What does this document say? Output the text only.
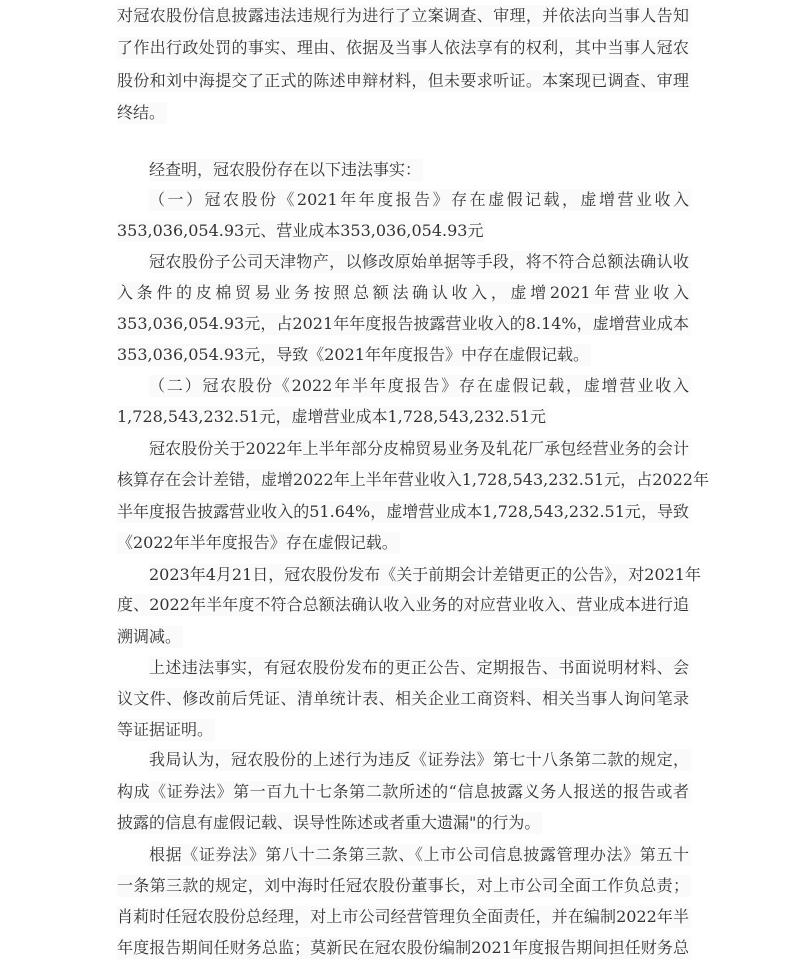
对冠农股份信息披露违法违规行为进行了立案调查、审理，并依法向当事人告知
了作出行政处罚的事实、理由、依据及当事人依法享有的权利，其中当事人冠农
股份和刘中海提交了正式的陈述申辩材料，但未要求听证。本案现已调查、审理
终结。
经查明，冠农股份存在以下违法事实：
（一）冠农股份《2021年年度报告》存在虚假记载，虚增营业收入
353,036,054.93元、营业成本353,036,054.93元
冠农股份子公司天津物产，以修改原始单据等手段，将不符合总额法确认收
入条件的皮棉贸易业务按照总额法确认收入，虚增2021年营业收入
353,036,054.93元，占2021年年度报告披露营业收入的8.14%，虚增营业成本
353,036,054.93元，导致《2021年年度报告》中存在虚假记载。
（二）冠农股份《2022年半年度报告》存在虚假记载，虚增营业收入
1,728,543,232.51元，虚增营业成本1,728,543,232.51元
冠农股份关于2022年上半年部分皮棉贸易业务及轧花厂承包经营业务的会计
核算存在会计差错，虚增2022年上半年营业收入1,728,543,232.51元，占2022年
半年度报告披露营业收入的51.64%，虚增营业成本1,728,543,232.51元，导致
《2022年半年度报告》存在虚假记载。
2023年4月21日，冠农股份发布《关于前期会计差错更正的公告》，对2021年
度、2022年半年度不符合总额法确认收入业务的对应营业收入、营业成本进行追
溯调减。
上述违法事实，有冠农股份发布的更正公告、定期报告、书面说明材料、会
议文件、修改前后凭证、清单统计表、相关企业工商资料、相关当事人询问笔录
等证据证明。
我局认为，冠农股份的上述行为违反《证券法》第七十八条第二款的规定，
构成《证券法》第一百九十七条第二款所述的“信息披露义务人报送的报告或者
披露的信息有虚假记载、误导性陈述或者重大遗漏"的行为。
根据《证券法》第八十二条第三款、《上市公司信息披露管理办法》第五十
一条第三款的规定，刘中海时任冠农股份董事长，对上市公司全面工作负总责；
肖莉时任冠农股份总经理，对上市公司经营管理负全面责任，并在编制2022年半
年度报告期间任财务总监；莫新民在冠农股份编制2021年度报告期间担任财务总
